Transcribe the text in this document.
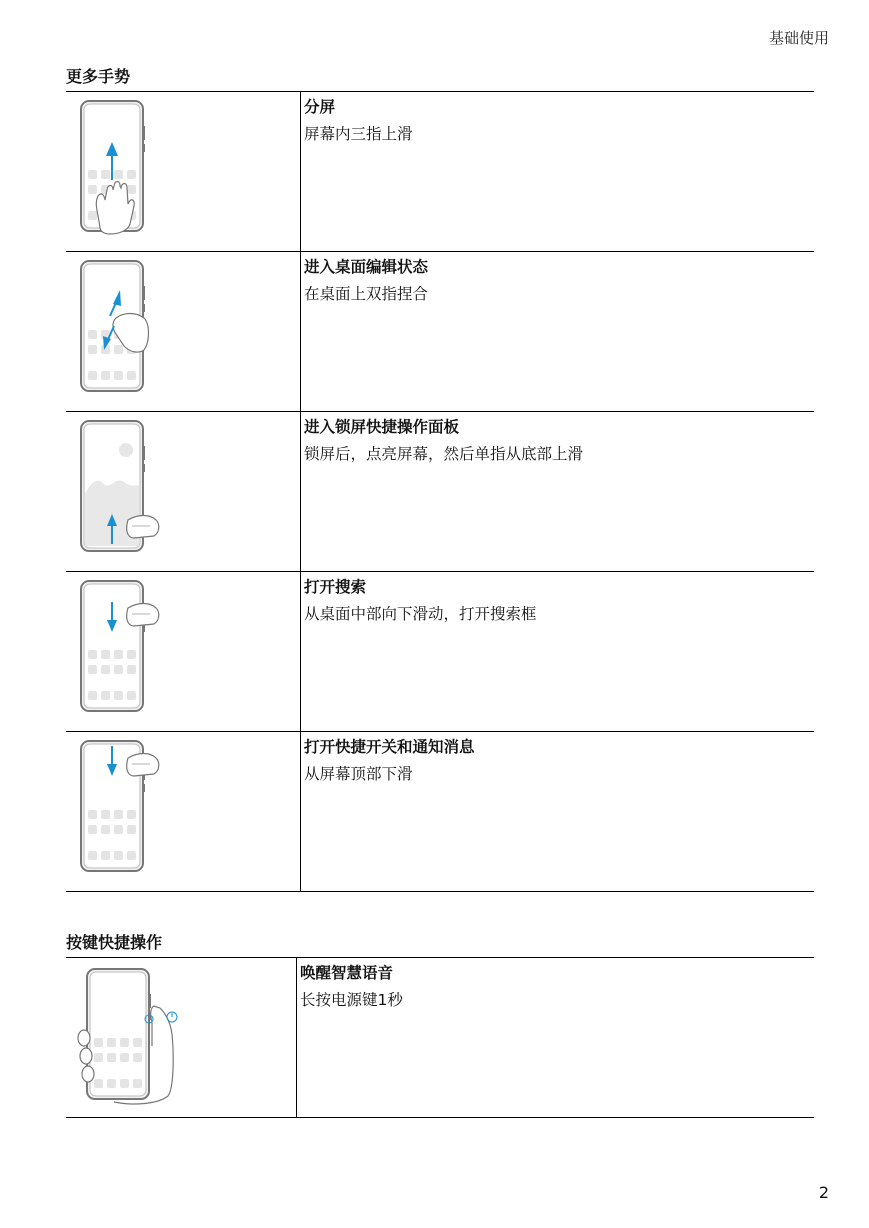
基础使用
更多手势
分屏
屏幕内三指上滑
进入桌面编辑状态
在桌面上双指捏合
进入锁屏快捷操作面板
锁屏后，点亮屏幕，然后单指从底部上滑
打开搜索
从桌面中部向下滑动，打开搜索框
打开快捷开关和通知消息
从屏幕顶部下滑
按键快捷操作
唤醒智慧语音
长按电源键1秒
2
